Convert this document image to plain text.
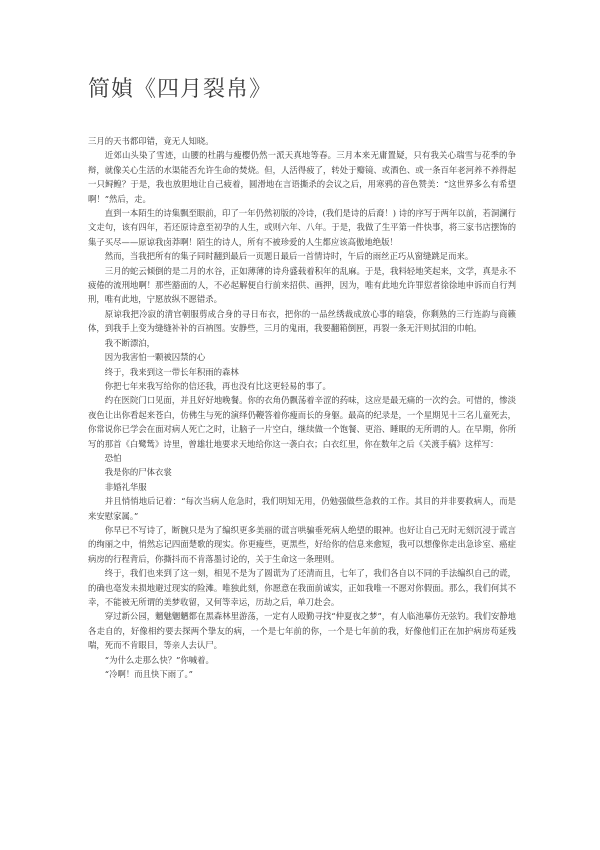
简媜《四月裂帛》

三月的天书都印错，竟无人知晓。

近郊山头染了雪迹，山腰的杜鹃与瘦樱仍然一派天真地等春。三月本来无庸置疑，只有我关心瑞雪与花季的争辩，就像关心生活的水渠能否允许生命的焚烧。但，人活得疲了，转处于瓣镜、或酒色、或一条百年老河养不养得起一只鲟鳇？于是，我也放胆地让自己疲着，圆滑地在言语撕杀的会议之后，用寒鸦的音色赞美：“这世界多么有希望啊！”然后，走。

直到一本陌生的诗集飘至眼前，印了一年仍然初版的冷诗，(我们是诗的后裔！) 诗的序写于两年以前，若洞澜行文走句，该有四年，若还原诗意至初孕的人生，或则六年、八年。于是，我做了生平第一件快事，将三家书店摆饰的集子买尽——原谅我卤莽啊！陌生的诗人，所有不被珍爱的人生都应该高傲地绝版！

然而，当我把所有的集子同时翻到最后一页题日最后一首情诗时，午后的雨丝正巧从窗缝跳足而来。

三月的蛇云倾倒的是二月的水谷，正如薄薄的诗舟盛载着积年的乱麻。于是，我料轻地笑起来，文学，真是永不疲倦的流刑地啊！那些豁面的人，不必起解便自行前来招供、画押，因为，唯有此地允许罪愆者徐徐地申诉而自行判刑，唯有此地，宁愿放纵不愿错杀。

原谅我把冷寂的清官朝服剪成合身的寻日布衣，把你的一品丝绣裁成放心事的暗袋，你剩熟的三行连韵与商籁体，到我手上变为缝缝补补的百衲图。安静些，三月的鬼雨，我要翻箱倒匣，再裂一条无汗则拭泪的巾帕。

我不断漂泊，

因为我害怕一颗被囚禁的心

终于，我来到这一带长年积雨的森林

你把七年来我写给你的信还我，再也没有比这更轻易的事了。

约在医院门口见面，并且好好地晚餐。你的衣角仍飘荡着辛涩的药味，这应是最无痛的一次约会。可惜的，惨淡夜色让出你看起来苍白，仿佛生与死的演绎仍鞭答着你瘦而长的身躯。最高的纪录是，一个星期见十三名儿童死去，你常说你已学会在面对病人死亡之时，让脑子一片空白，继续做一个饱餐、更浴、睡眠的无所谓的人。在早期，你所写的那首《白鹭鸶》诗里，曾雄壮地要求天地给你这一袭白衣；白衣红里，你在数年之后《关渡手稿》这样写：

恐怕

我是你的尸体衣裳

非婚礼华服

并且悄悄地后记着：“每次当病人危急时，我们明知无用，仍勉强做些急救的工作。其目的并非要救病人，而是来安慰家属。”

你早已不写诗了，断腕只是为了编织更多美丽的谎言哄骗垂死病人绝望的眼神。也好让自己无时无刻沉浸于谎言的绚丽之中，悄然忘记四面楚歌的现实。你更瘦些，更黑些，好给你的信息来愈短，我可以想像你走出急诊室、癌症病房的行程背后，你撕抖而不肯落墨讨论的，关于生命这一条理则。

终于，我们也来到了这一刻，相见不是为了圆谎为了还清而且，七年了，我们各自以不同的手法编织自己的谎，的确也毫发未损地避过现实的险滩。唯独此刻，你愿意在我面前诚实，正如我唯一不愿对你假面。那么，我们何其不幸，不能被无所谓的美梦收留，又何等幸运，历劫之后，单刀赴会。

穿过新公园，魑魅魍魉都在黑森林里游荡，一定有人殴勤寻找“仲夏夜之梦”，有人临池摹仿无弦钓。我们安静地各走自的，好像相约要去探两个挚友的病，一个是七年前的你，一个是七年前的我，好像他们正在加护病房苟延残喘，死而不肯眼目，等亲人去认尸。

“为什么走那么快？”你喊着。

“冷啊！而且快下雨了。”
